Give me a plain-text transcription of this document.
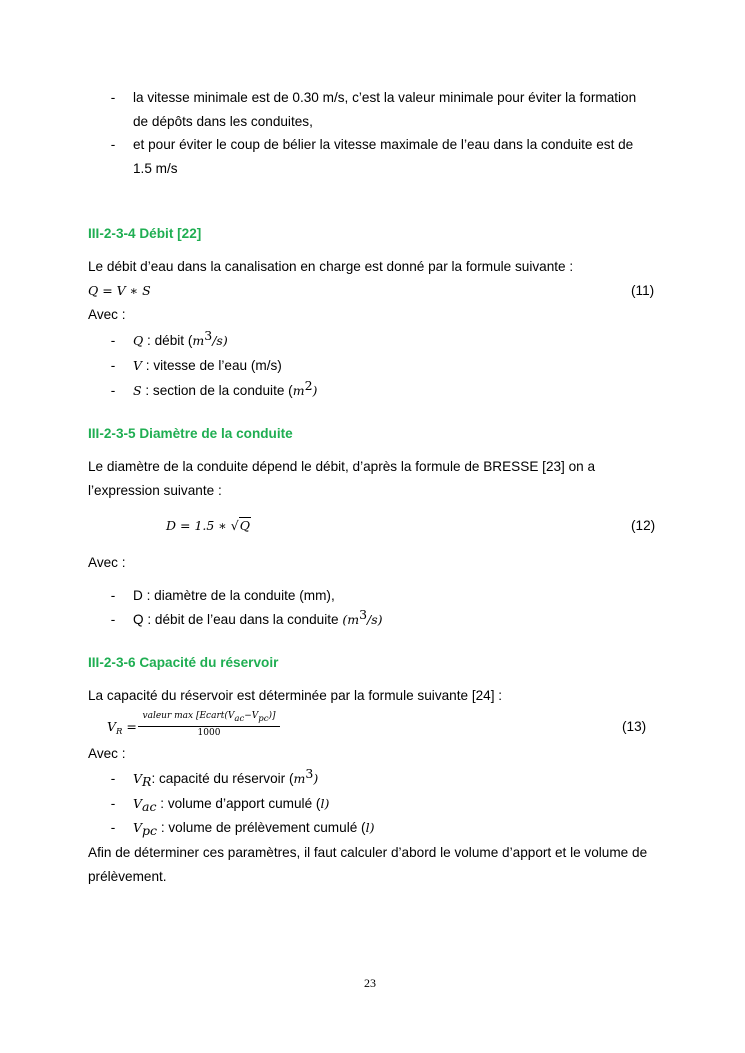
- la vitesse minimale est de 0.30 m/s, c’est la valeur minimale pour éviter la formation
de dépôts dans les conduites,
- et pour éviter le coup de bélier la vitesse maximale de l’eau dans la conduite est de
1.5 m/s
III-2-3-4 Débit [22]
Le débit d’eau dans la canalisation en charge est donné par la formule suivante :
Q = V ∗ S	(11)
Avec :
- Q : débit $(m^3/s)$
- V : vitesse de l’eau (m/s)
- S : section de la conduite $(m^2)$
III-2-3-5 Diamètre de la conduite
Le diamètre de la conduite dépend le débit, d’après la formule de BRESSE [23] on a
l’expression suivante :
D = 1.5 ∗ √Q	(12)
Avec :
- D : diamètre de la conduite (mm),
- Q : débit de l’eau dans la conduite $(m^3/s)$
III-2-3-6 Capacité du réservoir
La capacité du réservoir est déterminée par la formule suivante [24] :
$V_R$ =
valeur $\max [Ecart(V_{ac}-V_{pc})]$
1000	(13)
Avec :
- $V_R$: capacité du réservoir $(m^3)$
- $V_{ac}$ : volume d’apport cumulé (l)
- $V_{pc}$ : volume de prélèvement cumulé (l)
Afin de déterminer ces paramètres, il faut calculer d’abord le volume d’apport et le volume de
prélèvement.
23
